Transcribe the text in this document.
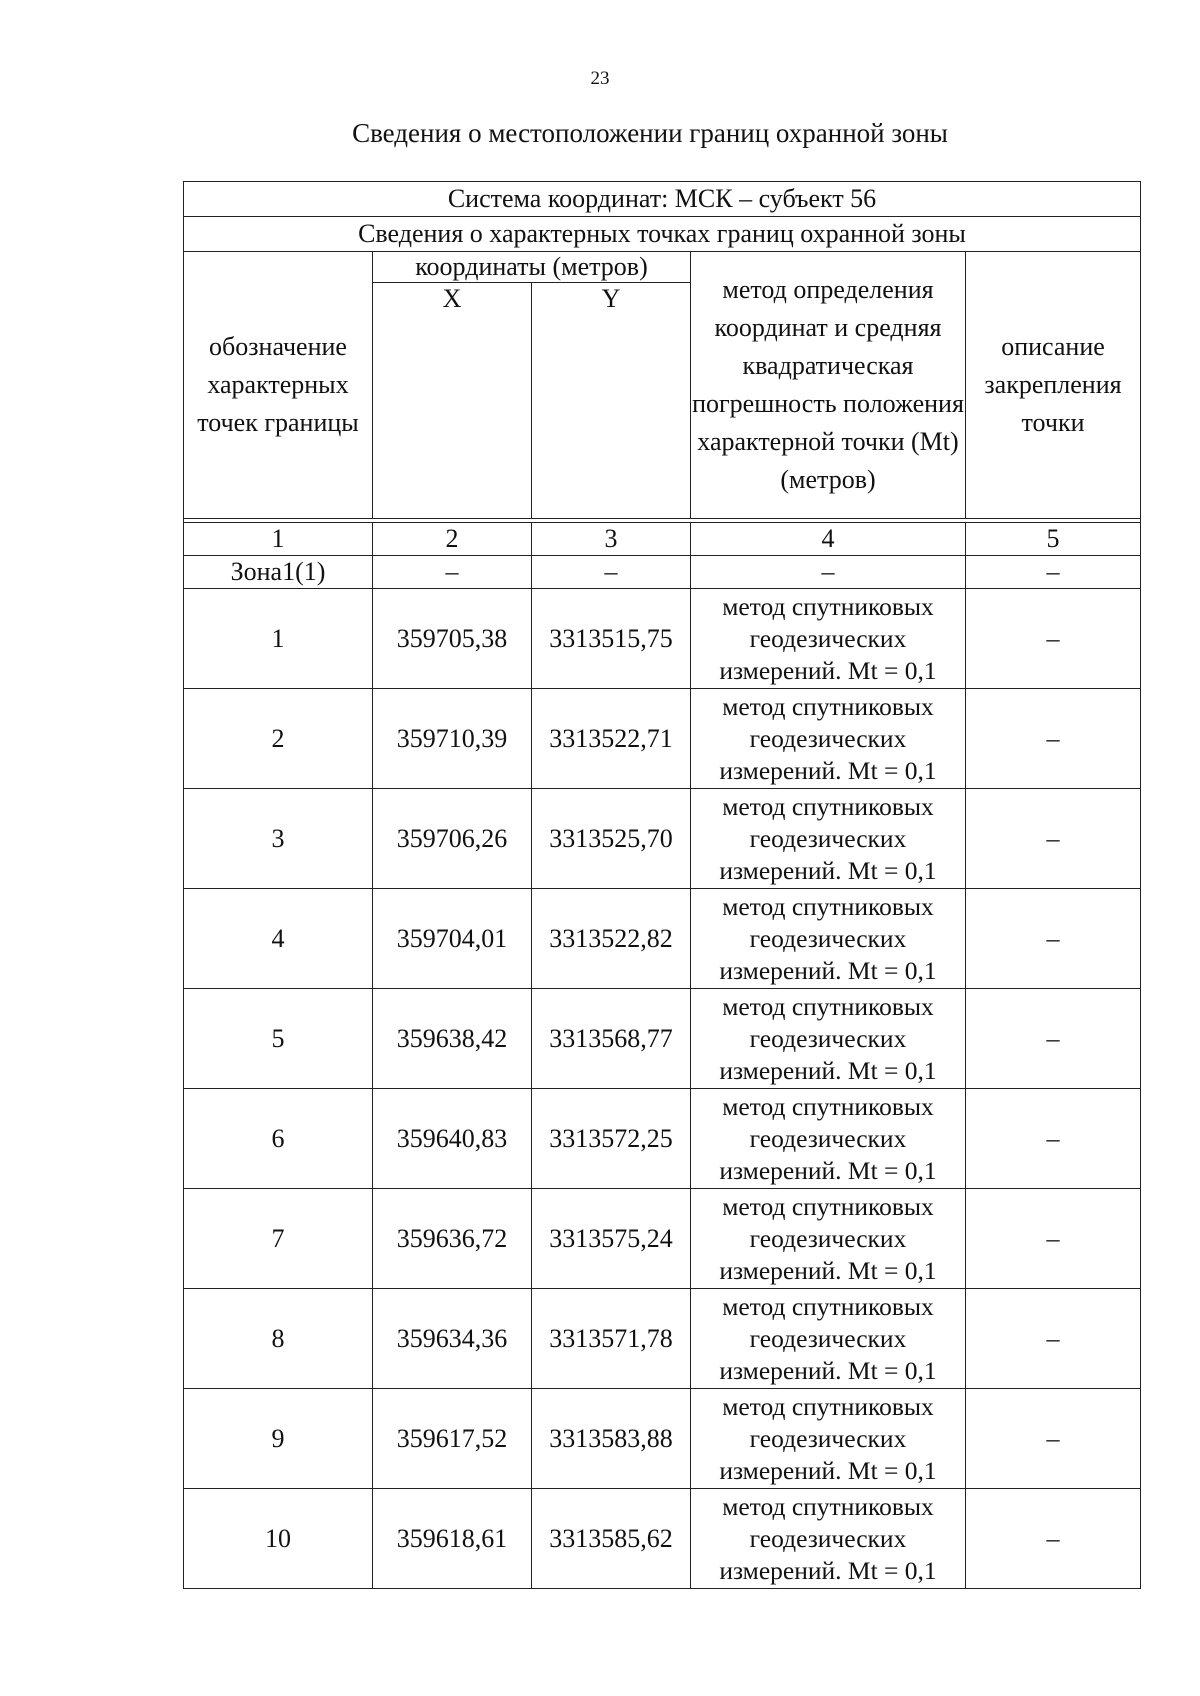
23
Сведения о местоположении границ охранной зоны
Система координат: МСК – субъект 56				
Сведения о характерных точках границ охранной зоны				
обозначение характерных точек границы	координаты (метров)		метод определения координат и средняя квадратическая погрешность положения характерной точки (Mt) (метров)	описание закрепления точки
	X	Y		

1	2	3	4	5
Зона1(1)	–	–	–	–
1	359705,38	3313515,75	метод спутниковых геодезических измерений. Mt = 0,1	–
2	359710,39	3313522,71	метод спутниковых геодезических измерений. Mt = 0,1	–
3	359706,26	3313525,70	метод спутниковых геодезических измерений. Mt = 0,1	–
4	359704,01	3313522,82	метод спутниковых геодезических измерений. Mt = 0,1	–
5	359638,42	3313568,77	метод спутниковых геодезических измерений. Mt = 0,1	–
6	359640,83	3313572,25	метод спутниковых геодезических измерений. Mt = 0,1	–
7	359636,72	3313575,24	метод спутниковых геодезических измерений. Mt = 0,1	–
8	359634,36	3313571,78	метод спутниковых геодезических измерений. Mt = 0,1	–
9	359617,52	3313583,88	метод спутниковых геодезических измерений. Mt = 0,1	–
10	359618,61	3313585,62	метод спутниковых геодезических измерений. Mt = 0,1	–
